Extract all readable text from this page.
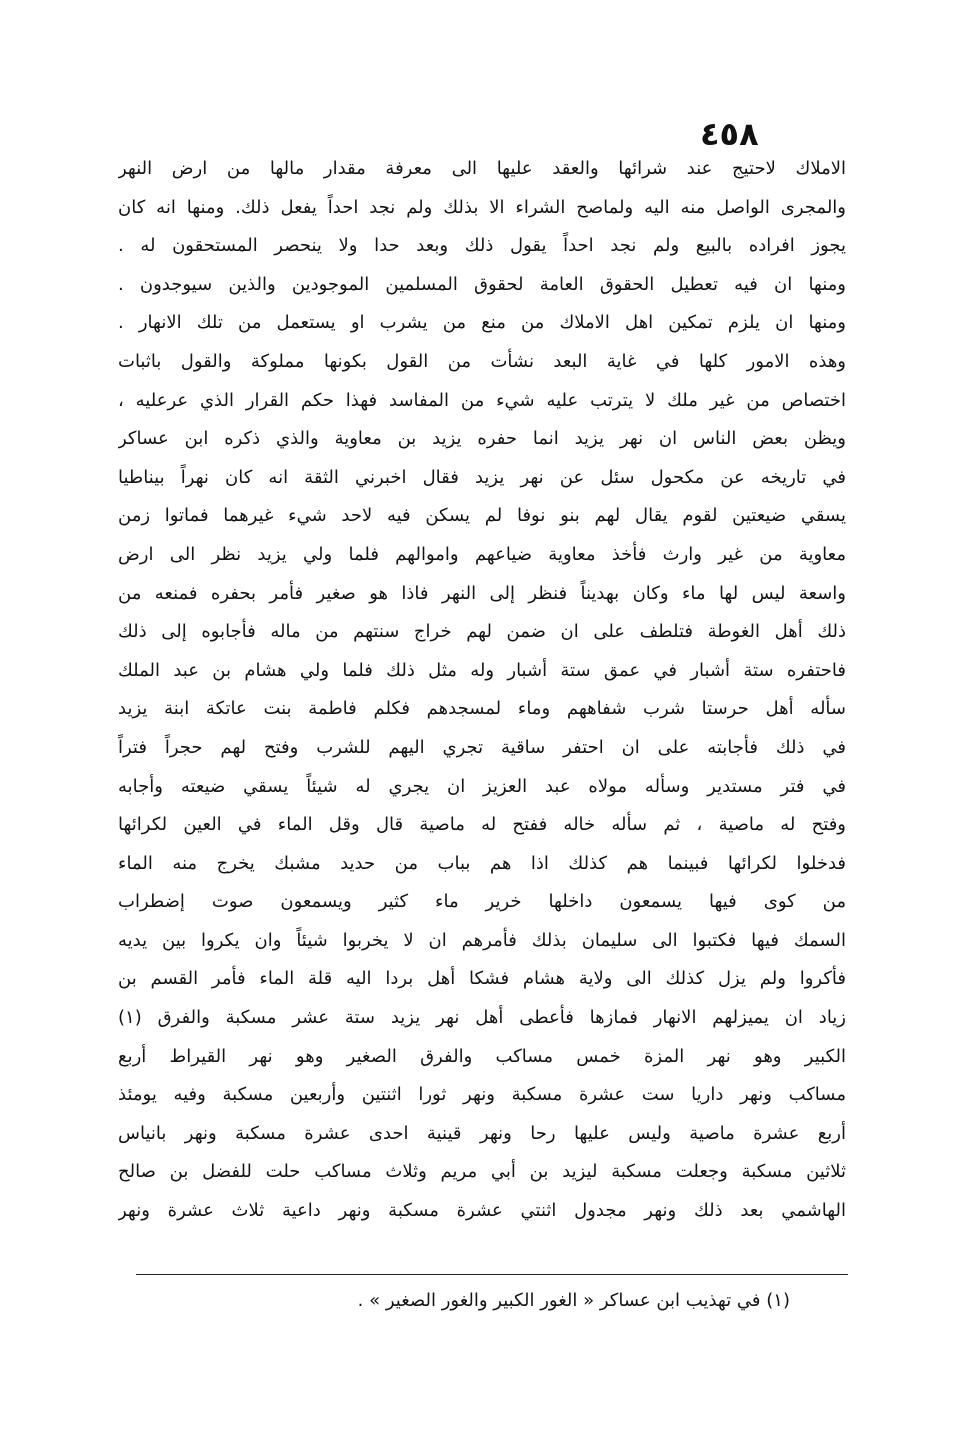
٤٥٨
الاملاك لاحتيج عند شرائها والعقد عليها الى معرفة مقدار مالها من ارض النهر
والمجرى الواصل منه اليه ولماصح الشراء الا بذلك ولم نجد احداً يفعل ذلك. ومنها انه كان
يجوز افراده بالبيع ولم نجد احداً يقول ذلك وبعد حدا ولا ينحصر المستحقون له .
ومنها ان فيه تعطيل الحقوق العامة لحقوق المسلمين الموجودين والذين سيوجدون .
ومنها ان يلزم تمكين اهل الاملاك من منع من يشرب او يستعمل من تلك الانهار .
وهذه الامور كلها في غاية البعد نشأت من القول بكونها مملوكة والقول باثبات
اختصاص من غير ملك لا يترتب عليه شيء من المفاسد فهذا حكم القرار الذي عرعليه ،
ويظن بعض الناس ان نهر يزيد انما حفره يزيد بن معاوية والذي ذكره ابن عساكر
في تاريخه عن مكحول سئل عن نهر يزيد فقال اخبرني الثقة انه كان نهراً بيناطيا
يسقي ضيعتين لقوم يقال لهم بنو نوفا لم يسكن فيه لاحد شيء غيرهما فماتوا زمن
معاوية من غير وارث فأخذ معاوية ضياعهم واموالهم فلما ولي يزيد نظر الى ارض
واسعة ليس لها ماء وكان بهديناً فنظر إلى النهر فاذا هو صغير فأمر بحفره فمنعه من
ذلك أهل الغوطة فتلطف على ان ضمن لهم خراج سنتهم من ماله فأجابوه إلى ذلك
فاحتفره ستة أشبار في عمق ستة أشبار وله مثل ذلك فلما ولي هشام بن عبد الملك
سأله أهل حرستا شرب شفاههم وماء لمسجدهم فكلم فاطمة بنت عاتكة ابنة يزيد
في ذلك فأجابته على ان احتفر ساقية تجري اليهم للشرب وفتح لهم حجراً فتراً
في فتر مستدير وسأله مولاه عبد العزيز ان يجري له شيئاً يسقي ضيعته وأجابه
وفتح له ماصية ، ثم سأله خاله ففتح له ماصية قال وقل الماء في العين لكرائها
فدخلوا لكرائها فبينما هم كذلك اذا هم بباب من حديد مشبك يخرج منه الماء
من كوى فيها يسمعون داخلها خرير ماء كثير ويسمعون صوت إضطراب
السمك فيها فكتبوا الى سليمان بذلك فأمرهم ان لا يخربوا شيئاً وان يكروا بين يديه
فأكروا ولم يزل كذلك الى ولاية هشام فشكا أهل بردا اليه قلة الماء فأمر القسم بن
زياد ان يميزلهم الانهار فمازها فأعطى أهل نهر يزيد ستة عشر مسكبة والفرق (١)
الكبير وهو نهر المزة خمس مساكب والفرق الصغير وهو نهر القيراط أربع
مساكب ونهر داريا ست عشرة مسكبة ونهر ثورا اثنتين وأربعين مسكبة وفيه يومئذ
أربع عشرة ماصية وليس عليها رحا ونهر قينية احدى عشرة مسكبة ونهر بانياس
ثلاثين مسكبة وجعلت مسكبة ليزيد بن أبي مريم وثلاث مساكب حلت للفضل بن صالح
الهاشمي بعد ذلك ونهر مجدول اثنتي عشرة مسكبة ونهر داعية ثلاث عشرة ونهر
(١) في تهذيب ابن عساكر « الغور الكبير والغور الصغير » .
